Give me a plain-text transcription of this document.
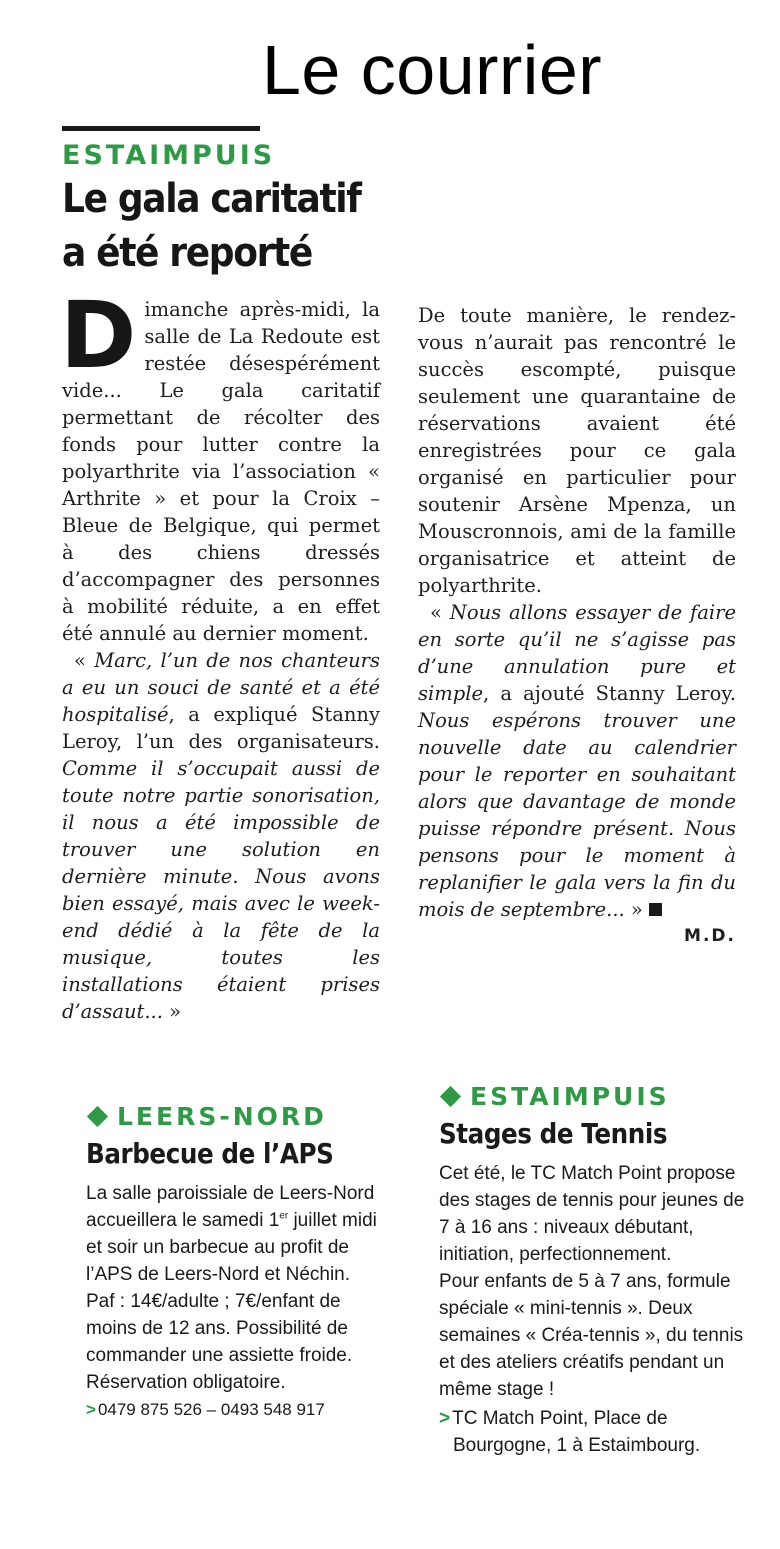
Le courrier
ESTAIMPUIS
Le gala caritatif
a été reporté

Dimanche après-midi, la salle de La Redoute est restée désespérément vide... Le gala caritatif permettant de récolter des fonds pour lutter contre la polyarthrite via l’association « Arthrite » et pour la Croix – Bleue de Belgique, qui permet à des chiens dressés d’accompagner des personnes à mobilité réduite, a en effet été annulé au dernier moment.

« Marc, l’un de nos chanteurs a eu un souci de santé et a été hospitalisé, a expliqué Stanny Leroy, l’un des organisateurs. Comme il s’occupait aussi de toute notre partie sonorisation, il nous a été impossible de trouver une solution en dernière minute. Nous avons bien essayé, mais avec le week-end dédié à la fête de la musique, toutes les installations étaient prises d’assaut... »

De toute manière, le rendez-vous n’aurait pas rencontré le succès escompté, puisque seulement une quarantaine de réservations avaient été enregistrées pour ce gala organisé en particulier pour soutenir Arsène Mpenza, un Mouscronnois, ami de la famille organisatrice et atteint de polyarthrite.

« Nous allons essayer de faire en sorte qu’il ne s’agisse pas d’une annulation pure et simple, a ajouté Stanny Leroy. Nous espérons trouver une nouvelle date au calendrier pour le reporter en souhaitant alors que davantage de monde puisse répondre présent. Nous pensons pour le moment à replanifier le gala vers la fin du mois de septembre... »

M.D.
LEERS-NORD
Barbecue de l’APS

La salle paroissiale de Leers-Nord accueillera le samedi 1er juillet midi et soir un barbecue au profit de l’APS de Leers-Nord et Néchin.

Paf : 14€/adulte ; 7€/enfant de moins de 12 ans. Possibilité de commander une assiette froide. Réservation obligatoire.

> 0479 875 526 – 0493 548 917
ESTAIMPUIS
Stages de Tennis

Cet été, le TC Match Point propose des stages de tennis pour jeunes de 7 à 16 ans : niveaux débutant, initiation, perfectionnement.

Pour enfants de 5 à 7 ans, formule spéciale « mini-tennis ». Deux semaines « Créa-tennis », du tennis et des ateliers créatifs pendant un même stage !

> TC Match Point, Place de
Bourgogne, 1 à Estaimbourg.
